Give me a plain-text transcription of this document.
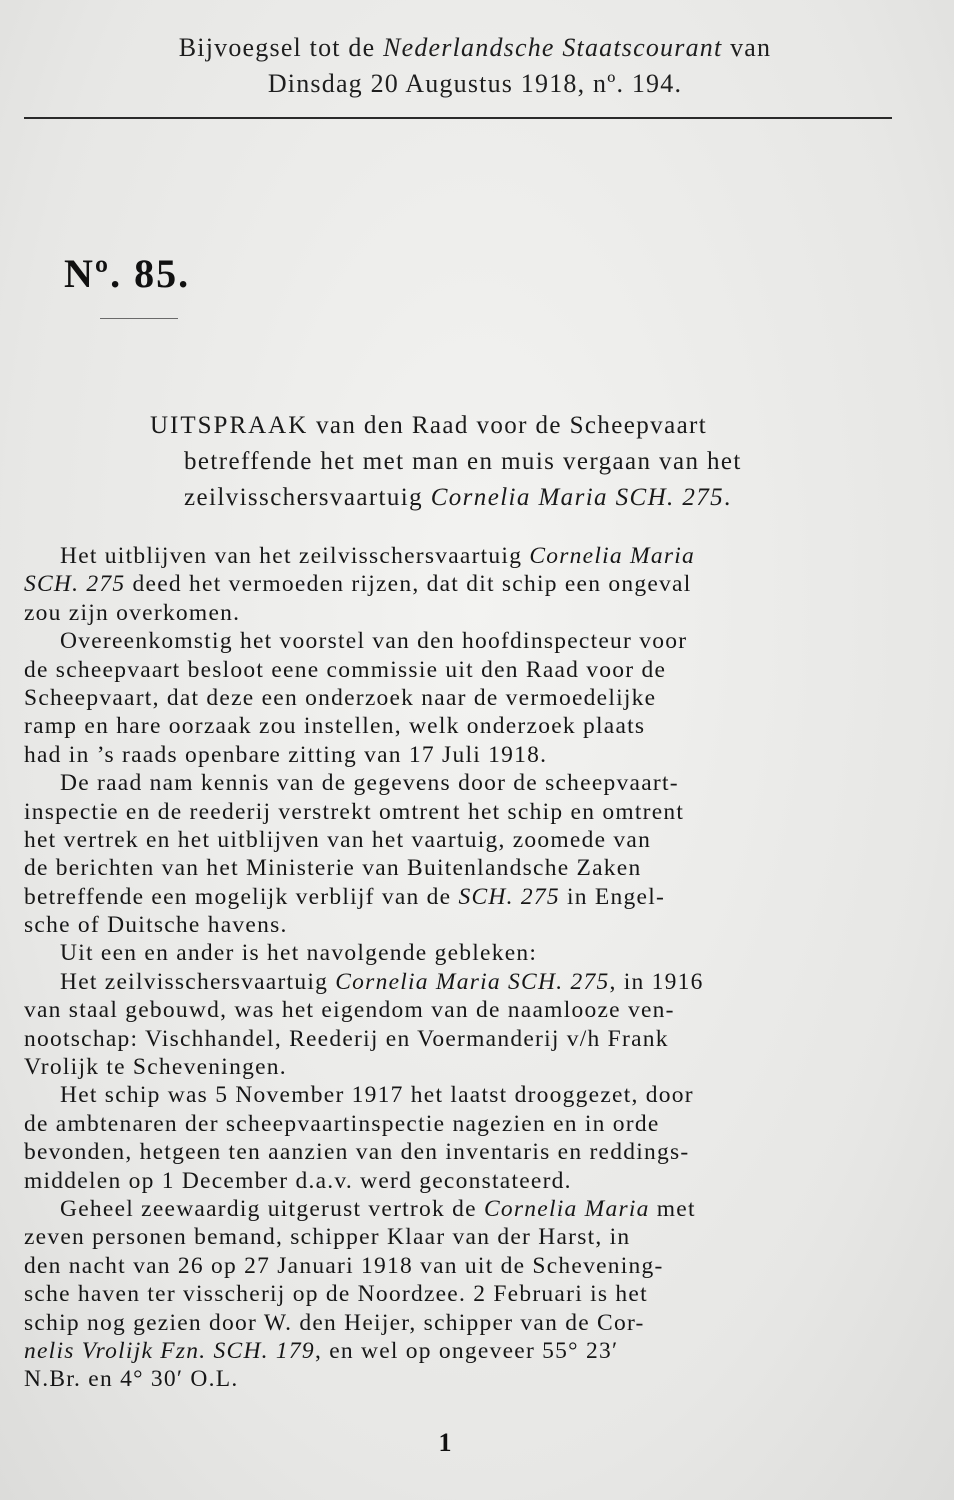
Bijvoegsel tot de Nederlandsche Staatscourant van
Dinsdag 20 Augustus 1918, nº. 194.
Nº. 85.
UITSPRAAK van den Raad voor de Scheepvaart
betreffende het met man en muis vergaan van het
zeilvisschersvaartuig Cornelia Maria SCH. 275.
Het uitblijven van het zeilvisschersvaartuig Cornelia Maria
SCH. 275 deed het vermoeden rijzen, dat dit schip een ongeval
zou zijn overkomen.
Overeenkomstig het voorstel van den hoofdinspecteur voor
de scheepvaart besloot eene commissie uit den Raad voor de
Scheepvaart, dat deze een onderzoek naar de vermoedelijke
ramp en hare oorzaak zou instellen, welk onderzoek plaats
had in ’s raads openbare zitting van 17 Juli 1918.
De raad nam kennis van de gegevens door de scheepvaart-
inspectie en de reederij verstrekt omtrent het schip en omtrent
het vertrek en het uitblijven van het vaartuig, zoomede van
de berichten van het Ministerie van Buitenlandsche Zaken
betreffende een mogelijk verblijf van de SCH. 275 in Engel-
sche of Duitsche havens.
Uit een en ander is het navolgende gebleken:
Het zeilvisschersvaartuig Cornelia Maria SCH. 275, in 1916
van staal gebouwd, was het eigendom van de naamlooze ven-
nootschap: Vischhandel, Reederij en Voermanderij v/h Frank
Vrolijk te Scheveningen.
Het schip was 5 November 1917 het laatst drooggezet, door
de ambtenaren der scheepvaartinspectie nagezien en in orde
bevonden, hetgeen ten aanzien van den inventaris en reddings-
middelen op 1 December d.a.v. werd geconstateerd.
Geheel zeewaardig uitgerust vertrok de Cornelia Maria met
zeven personen bemand, schipper Klaar van der Harst, in
den nacht van 26 op 27 Januari 1918 van uit de Schevening-
sche haven ter visscherij op de Noordzee. 2 Februari is het
schip nog gezien door W. den Heijer, schipper van de Cor-
nelis Vrolijk Fzn. SCH. 179, en wel op ongeveer 55° 23′
N.Br. en 4° 30′ O.L.
1
